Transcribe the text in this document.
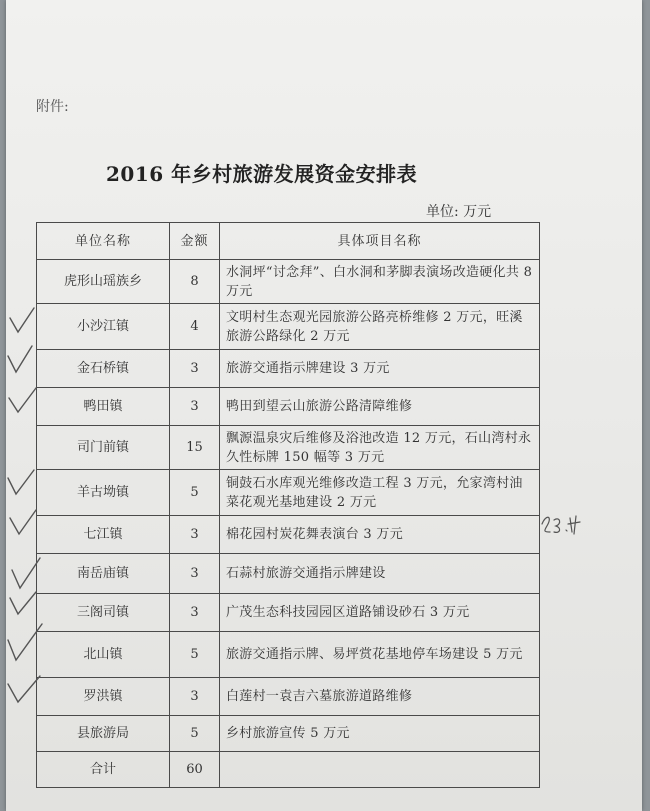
附件:
2016 年乡村旅游发展资金安排表
单位: 万元
单位名称	金额	具体项目名称
虎形山瑶族乡	8	水洞坪“讨念拜”、白水洞和茅脚表演场改造硬化共 8 万元
小沙江镇	4	文明村生态观光园旅游公路亮桥维修 2 万元，旺溪旅游公路绿化 2 万元
金石桥镇	3	旅游交通指示牌建设 3 万元
鸭田镇	3	鸭田到望云山旅游公路清障维修
司门前镇	15	飘源温泉灾后维修及浴池改造 12 万元，石山湾村永久性标牌 150 幅等 3 万元
羊古坳镇	5	铜鼓石水库观光维修改造工程 3 万元，允家湾村油菜花观光基地建设 2 万元
七江镇	3	棉花园村炭花舞表演台 3 万元
南岳庙镇	3	石蒜村旅游交通指示牌建设
三阁司镇	3	广茂生态科技园园区道路铺设砂石 3 万元
北山镇	5	旅游交通指示牌、易坪赏花基地停车场建设 5 万元
罗洪镇	3	白莲村一袁吉六墓旅游道路维修
县旅游局	5	乡村旅游宣传 5 万元
合计	60	
